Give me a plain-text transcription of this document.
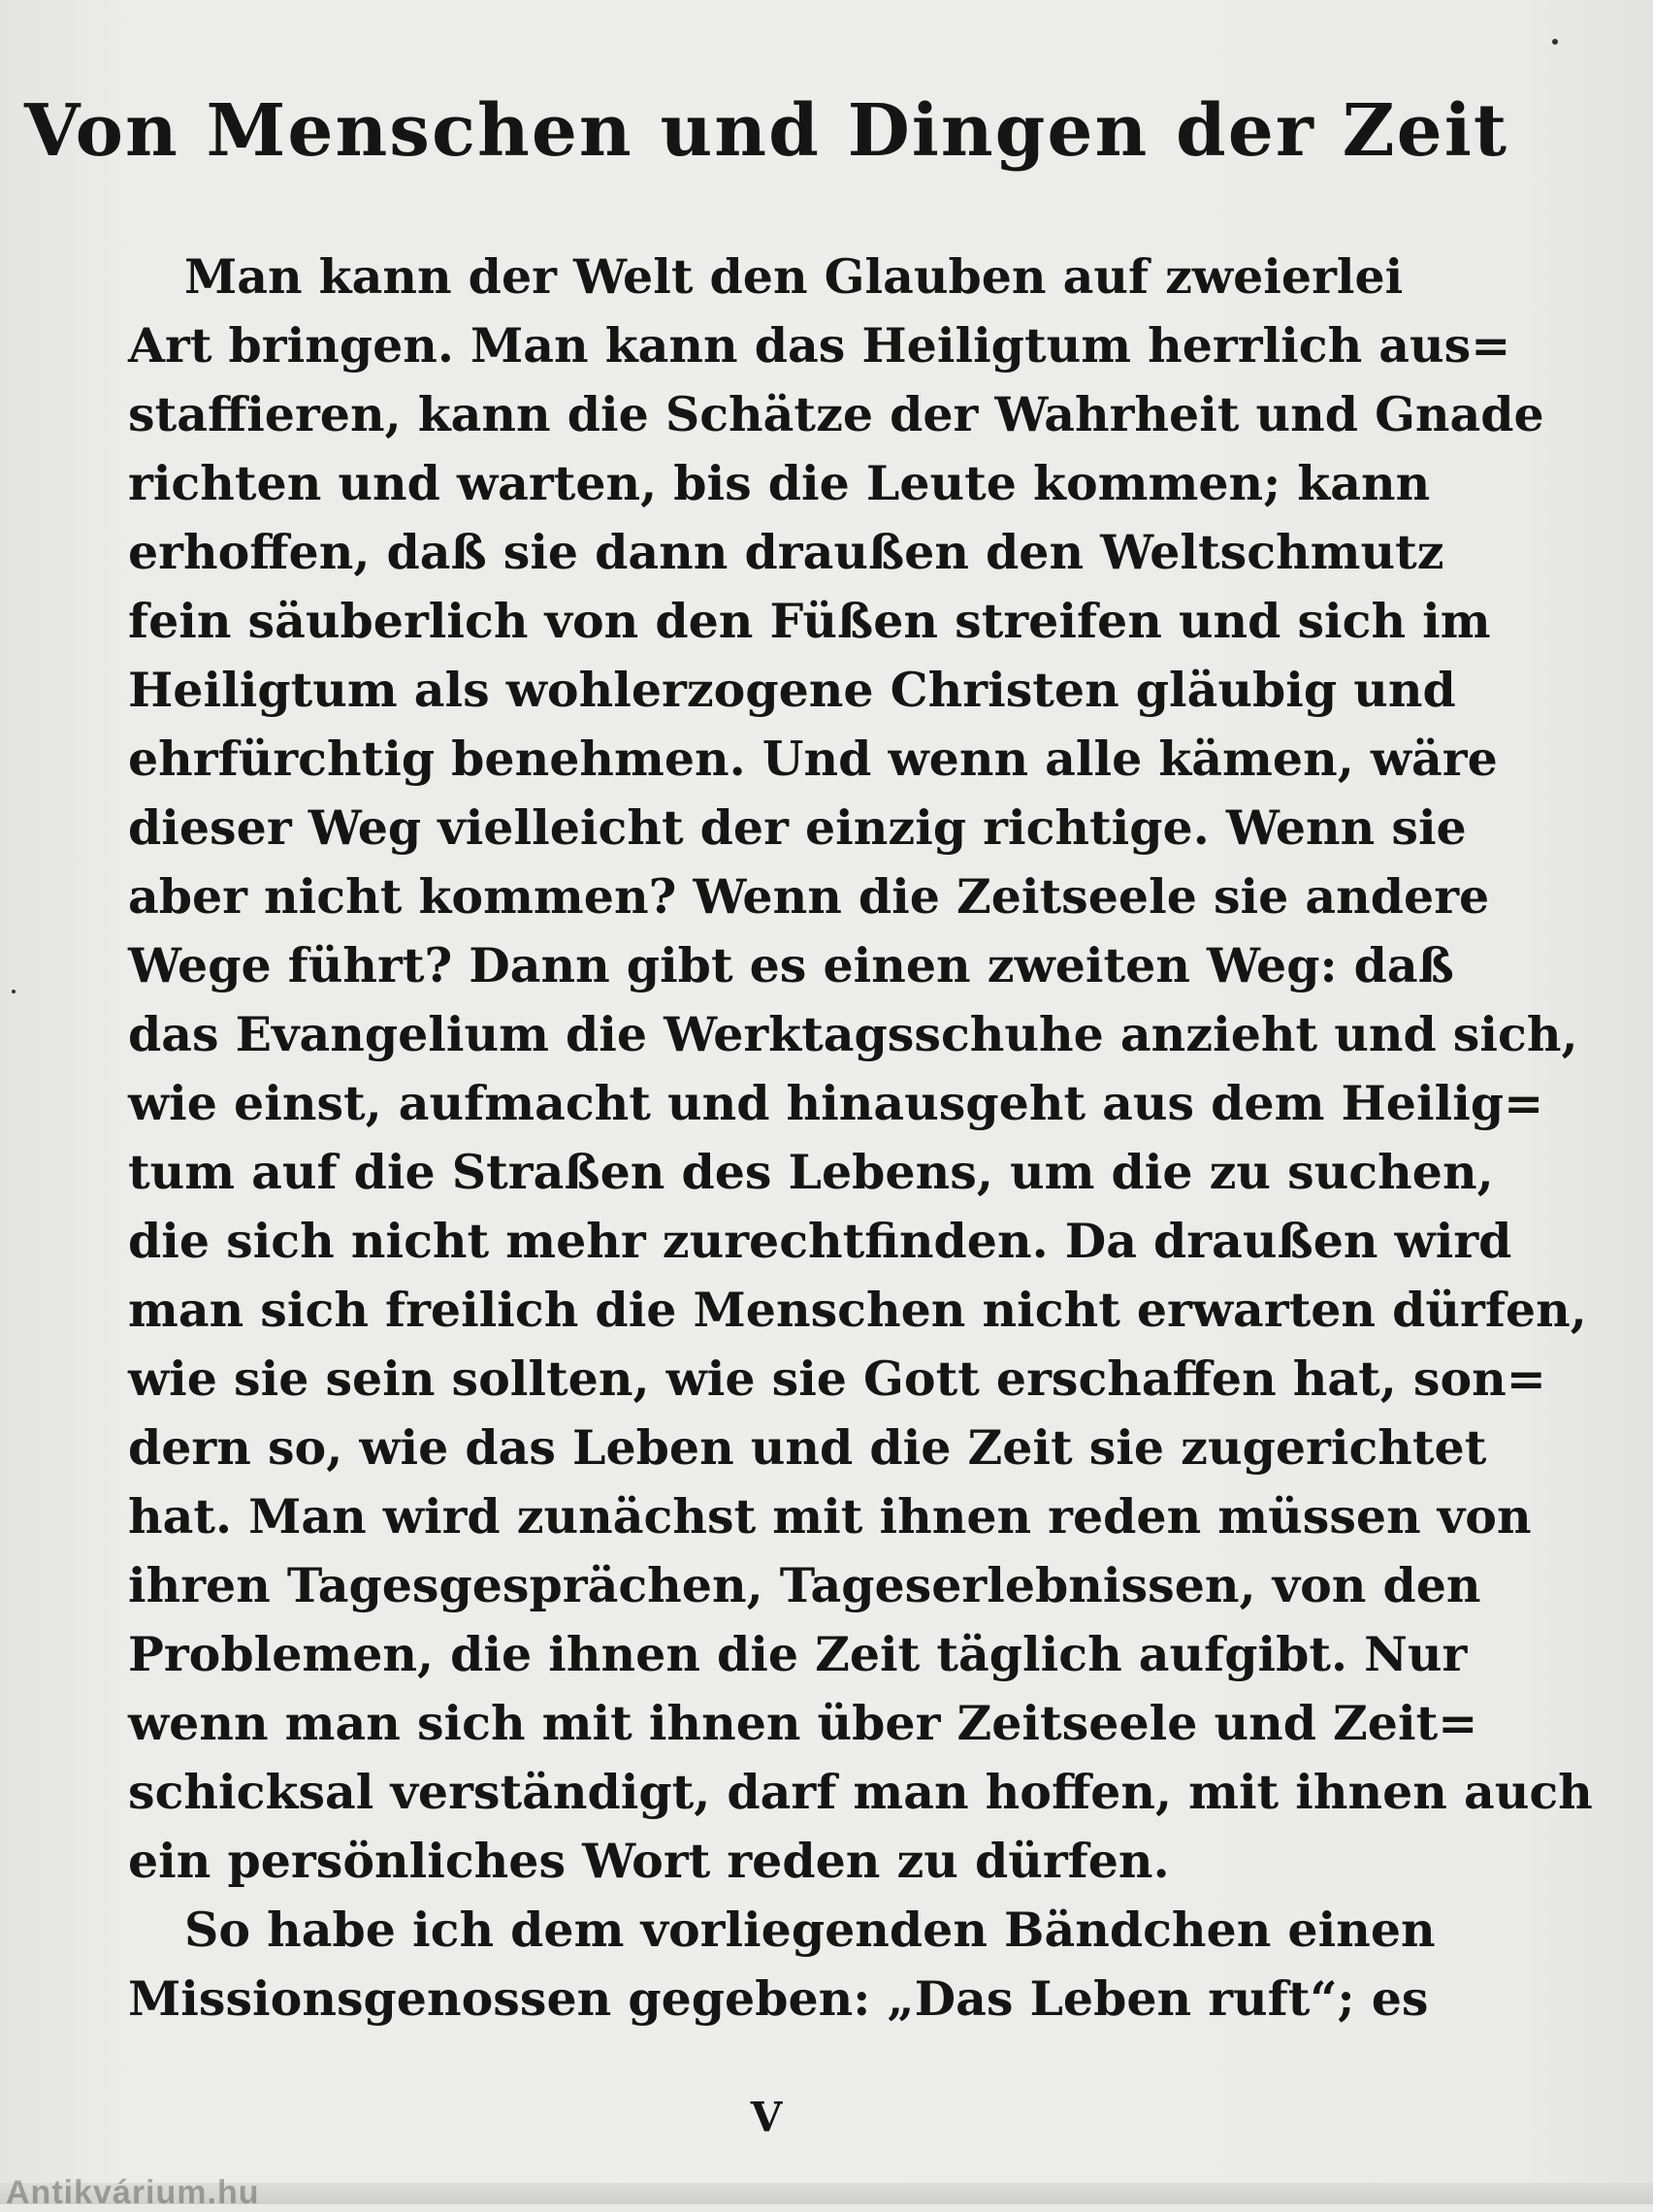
Von Menschen und Dingen der Zeit
Man kann der Welt den Glauben auf zweierlei
Art bringen. Man kann das Heiligtum herrlich aus=
staffieren, kann die Schätze der Wahrheit und Gnade
richten und warten, bis die Leute kommen; kann
erhoffen, daß sie dann draußen den Weltschmutz
fein säuberlich von den Füßen streifen und sich im
Heiligtum als wohlerzogene Christen gläubig und
ehrfürchtig benehmen. Und wenn alle kämen, wäre
dieser Weg vielleicht der einzig richtige. Wenn sie
aber nicht kommen? Wenn die Zeitseele sie andere
Wege führt? Dann gibt es einen zweiten Weg: daß
das Evangelium die Werktagsschuhe anzieht und sich,
wie einst, aufmacht und hinausgeht aus dem Heilig=
tum auf die Straßen des Lebens, um die zu suchen,
die sich nicht mehr zurechtfinden. Da draußen wird
man sich freilich die Menschen nicht erwarten dürfen,
wie sie sein sollten, wie sie Gott erschaffen hat, son=
dern so, wie das Leben und die Zeit sie zugerichtet
hat. Man wird zunächst mit ihnen reden müssen von
ihren Tagesgesprächen, Tageserlebnissen, von den
Problemen, die ihnen die Zeit täglich aufgibt. Nur
wenn man sich mit ihnen über Zeitseele und Zeit=
schicksal verständigt, darf man hoffen, mit ihnen auch
ein persönliches Wort reden zu dürfen.
So habe ich dem vorliegenden Bändchen einen
Missionsgenossen gegeben: „Das Leben ruft“; es
V
Antikvárium.hu
